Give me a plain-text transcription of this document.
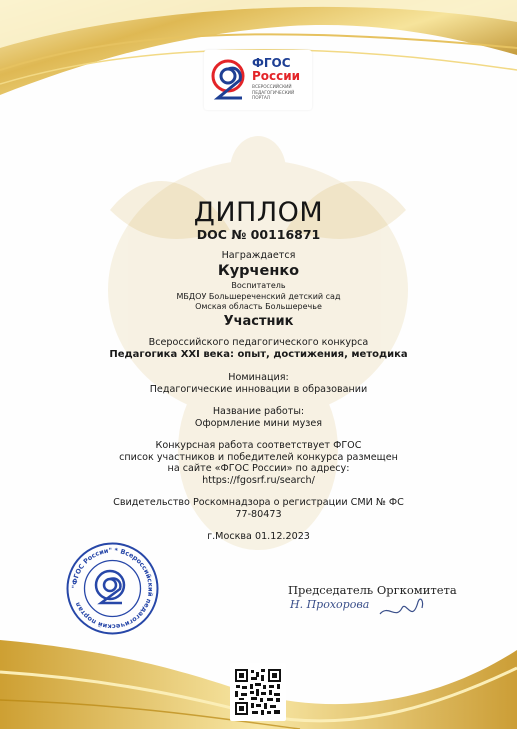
ФГОС
России
ВСЕРОССИЙСКИЙ ПЕДАГОГИЧЕСКИЙ ПОРТАЛ
ДИПЛОМ
DOC № 00116871
Награждается
Курченко
Воспитатель
МБДОУ Большереченский детский сад
Омская область Большеречье
Участник
Всероссийского педагогического конкурса
Педагогика XXI века: опыт, достижения, методика
Номинация:
Педагогические инновации в образовании
Название работы:
Оформление мини музея
Конкурсная работа соответствует ФГОС
список участников и победителей конкурса размещен
на сайте «ФГОС России» по адресу:
https://fgosrf.ru/search/
Свидетельство Роскомнадзора о регистрации СМИ № ФС
77-80473
г.Москва 01.12.2023
"ФГОС России" * Всероссийский педагогический портал
Председатель Оргкомитета
Н. Прохорова
